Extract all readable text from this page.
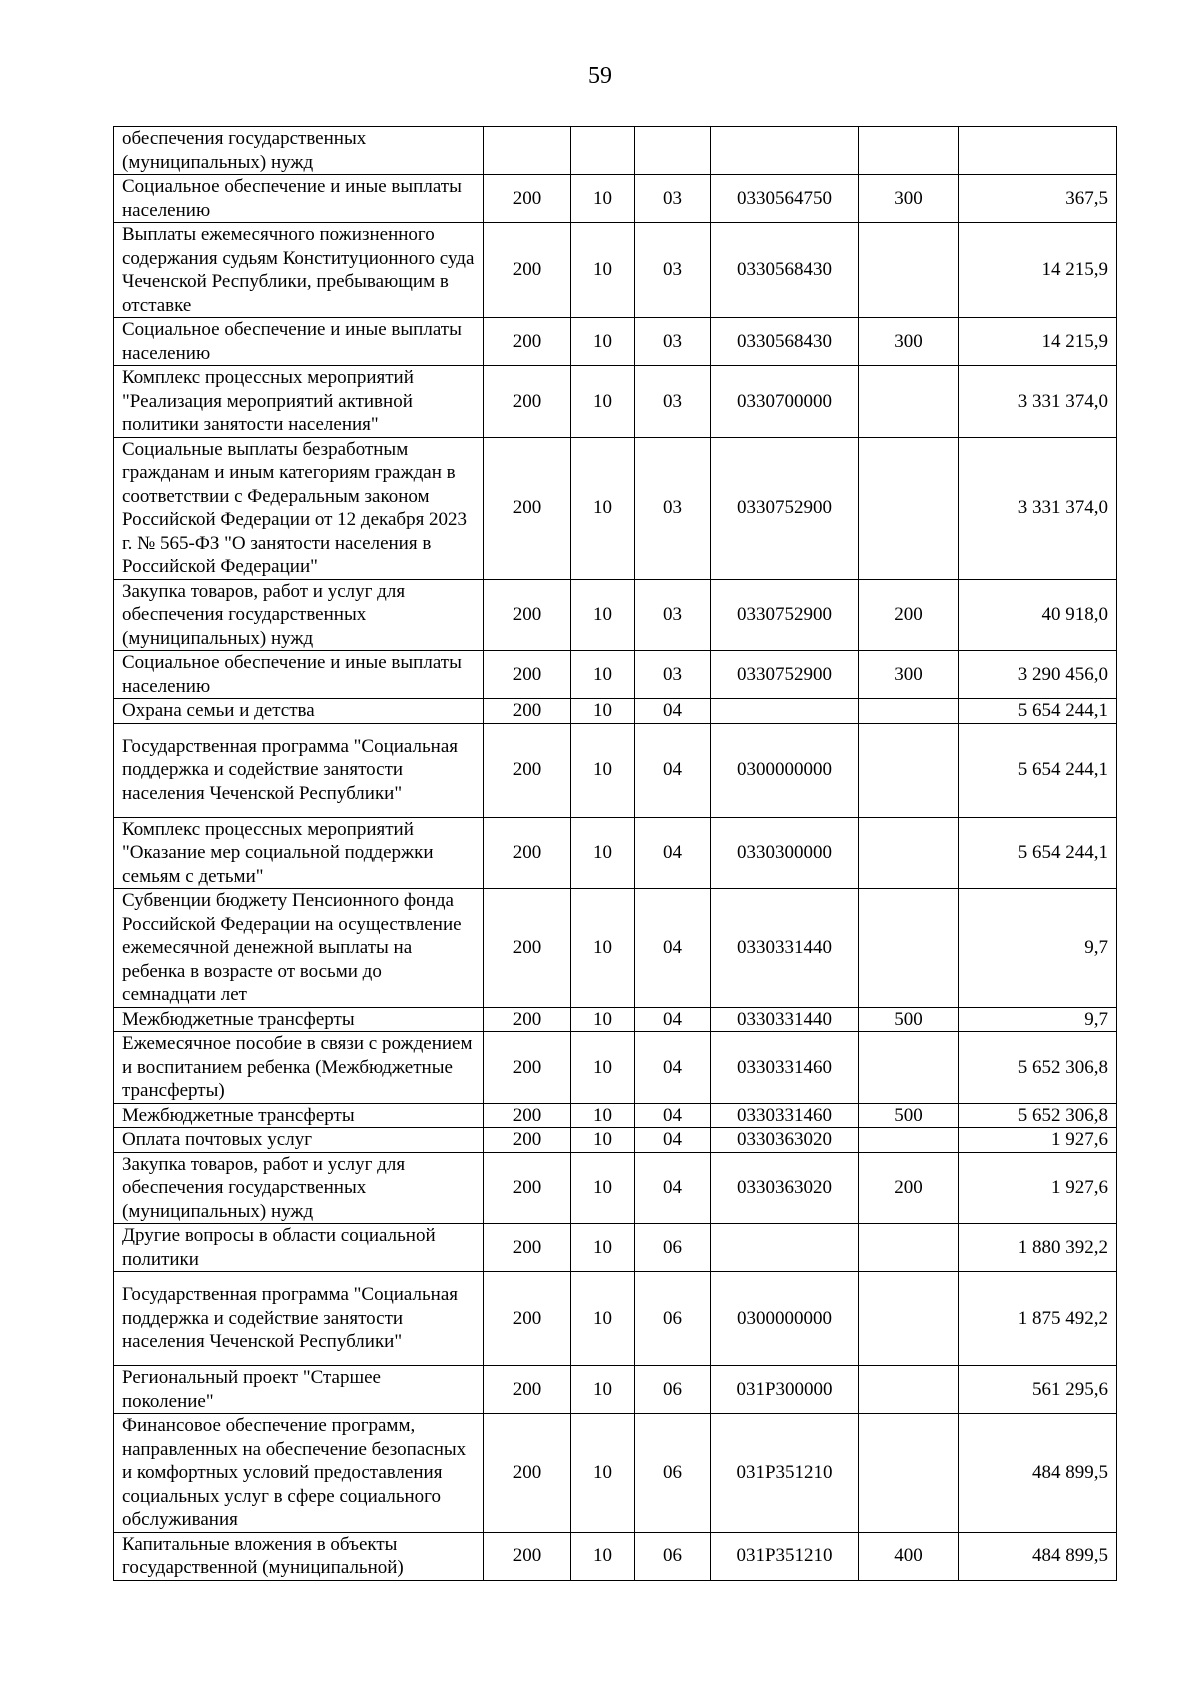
59
обеспечения государственных (муниципальных) нужд						
Социальное обеспечение и иные выплаты населению	200	10	03	0330564750	300	367,5
Выплаты ежемесячного пожизненного содержания судьям Конституционного суда Чеченской Республики, пребывающим в отставке	200	10	03	0330568430		14 215,9
Социальное обеспечение и иные выплаты населению	200	10	03	0330568430	300	14 215,9
Комплекс процессных мероприятий "Реализация мероприятий активной политики занятости населения"	200	10	03	0330700000		3 331 374,0
Социальные выплаты безработным гражданам и иным категориям граждан в соответствии с Федеральным законом Российской Федерации от 12 декабря 2023 г. № 565-ФЗ "О занятости населения в Российской Федерации"	200	10	03	0330752900		3 331 374,0
Закупка товаров, работ и услуг для обеспечения государственных (муниципальных) нужд	200	10	03	0330752900	200	40 918,0
Социальное обеспечение и иные выплаты населению	200	10	03	0330752900	300	3 290 456,0
Охрана семьи и детства	200	10	04			5 654 244,1
Государственная программа "Социальная поддержка и содействие занятости населения Чеченской Республики"	200	10	04	0300000000		5 654 244,1
Комплекс процессных мероприятий "Оказание мер социальной поддержки семьям с детьми"	200	10	04	0330300000		5 654 244,1
Субвенции бюджету Пенсионного фонда Российской Федерации на осуществление ежемесячной денежной выплаты на ребенка в возрасте от восьми до семнадцати лет	200	10	04	0330331440		9,7
Межбюджетные трансферты	200	10	04	0330331440	500	9,7
Ежемесячное пособие в связи с рождением и воспитанием ребенка (Межбюджетные трансферты)	200	10	04	0330331460		5 652 306,8
Межбюджетные трансферты	200	10	04	0330331460	500	5 652 306,8
Оплата почтовых услуг	200	10	04	0330363020		1 927,6
Закупка товаров, работ и услуг для обеспечения государственных (муниципальных) нужд	200	10	04	0330363020	200	1 927,6
Другие вопросы в области социальной политики	200	10	06			1 880 392,2
Государственная программа "Социальная поддержка и содействие занятости населения Чеченской Республики"	200	10	06	0300000000		1 875 492,2
Региональный проект "Старшее поколение"	200	10	06	031P300000		561 295,6
Финансовое обеспечение программ, направленных на обеспечение безопасных и комфортных условий предоставления социальных услуг в сфере социального обслуживания	200	10	06	031P351210		484 899,5
Капитальные вложения в объекты государственной (муниципальной)	200	10	06	031P351210	400	484 899,5
